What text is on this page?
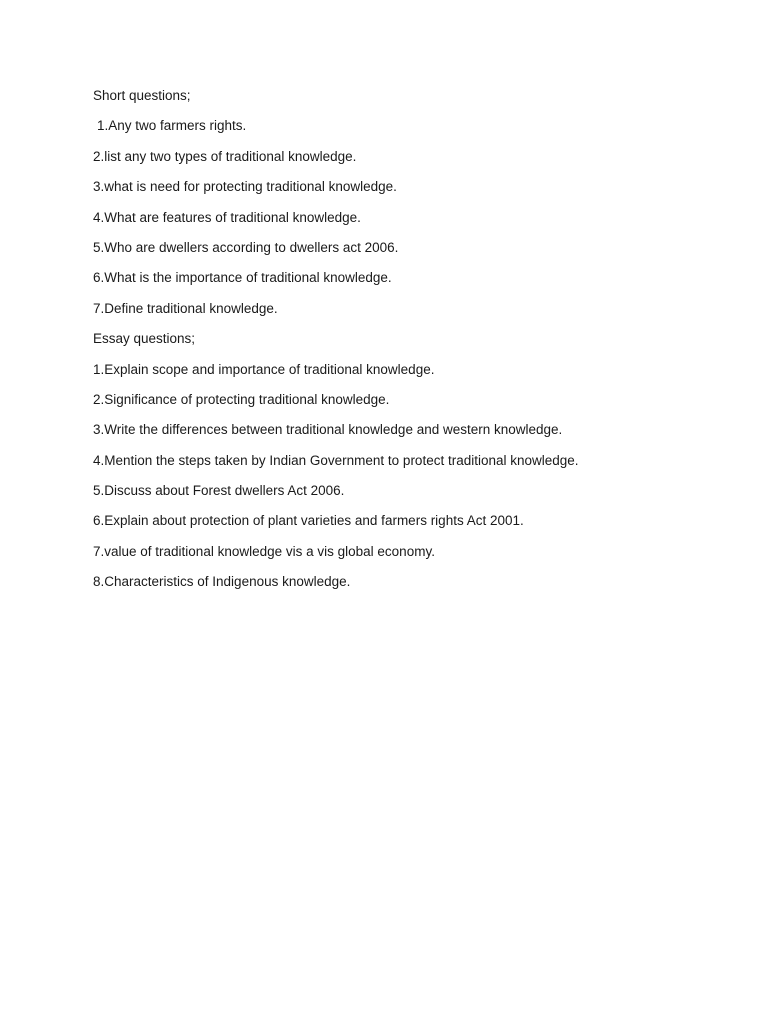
Short questions;
1.Any two farmers rights.
2.list any two types of traditional knowledge.
3.what is need for protecting traditional knowledge.
4.What are features of traditional knowledge.
5.Who are dwellers according to dwellers act 2006.
6.What is the importance of traditional knowledge.
7.Define traditional knowledge.
Essay questions;
1.Explain scope and importance of traditional knowledge.
2.Significance of protecting traditional knowledge.
3.Write the differences between traditional knowledge and western knowledge.
4.Mention the steps taken by Indian Government to protect traditional knowledge.
5.Discuss about Forest dwellers Act 2006.
6.Explain about protection of plant varieties and farmers rights Act 2001.
7.value of traditional knowledge vis a vis global economy.
8.Characteristics of Indigenous knowledge.
